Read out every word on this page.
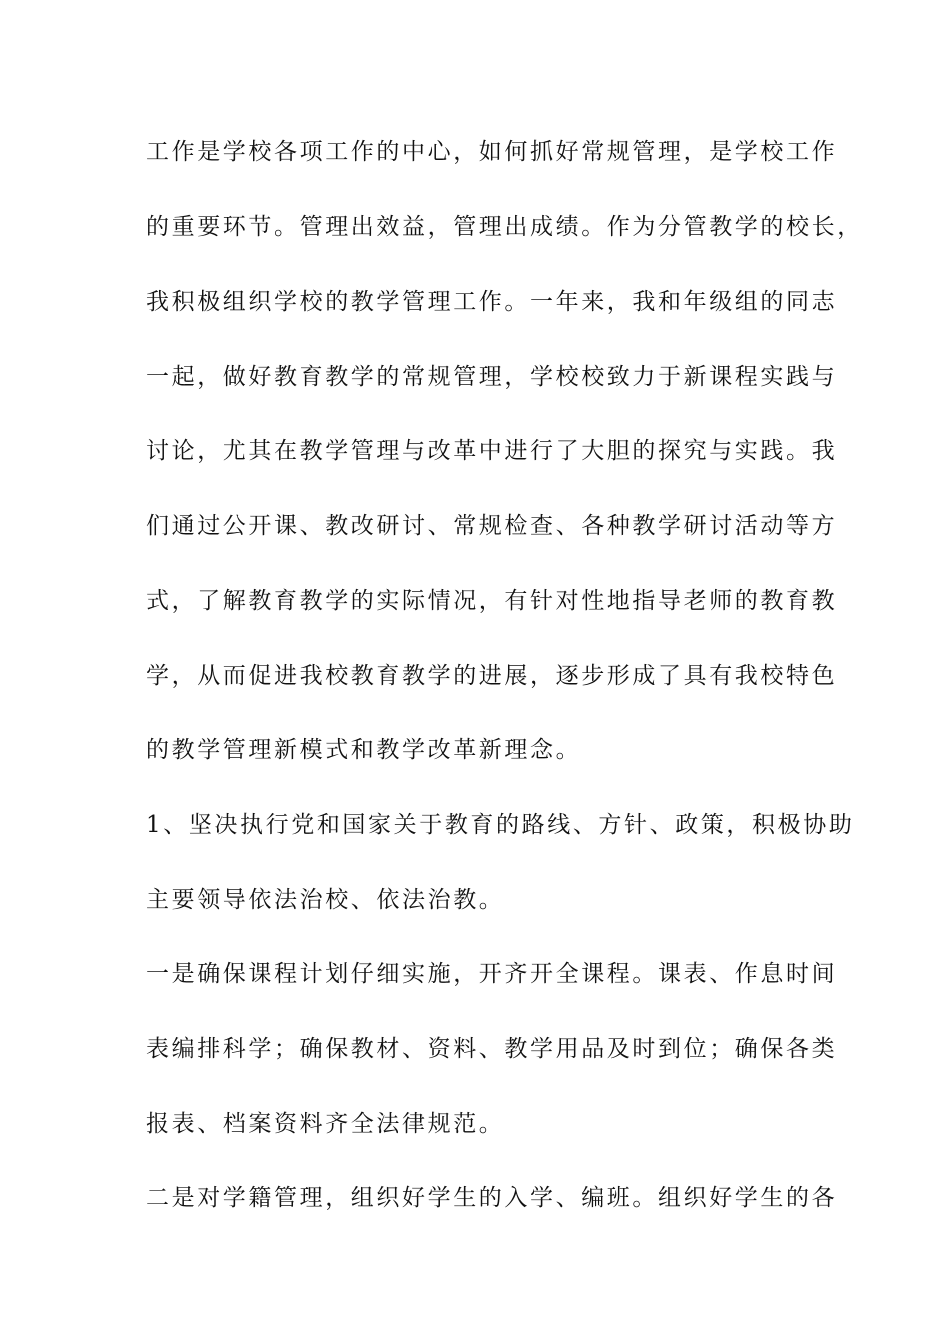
工作是学校各项工作的中心，如何抓好常规管理，是学校工作
的重要环节。管理出效益，管理出成绩。作为分管教学的校长，
我积极组织学校的教学管理工作。一年来，我和年级组的同志
一起，做好教育教学的常规管理，学校校致力于新课程实践与
讨论，尤其在教学管理与改革中进行了大胆的探究与实践。我
们通过公开课、教改研讨、常规检查、各种教学研讨活动等方
式，了解教育教学的实际情况，有针对性地指导老师的教育教
学，从而促进我校教育教学的进展，逐步形成了具有我校特色
的教学管理新模式和教学改革新理念。
1、坚决执行党和国家关于教育的路线、方针、政策，积极协助
主要领导依法治校、依法治教。
一是确保课程计划仔细实施，开齐开全课程。课表、作息时间
表编排科学；确保教材、资料、教学用品及时到位；确保各类
报表、档案资料齐全法律规范。
二是对学籍管理，组织好学生的入学、编班。组织好学生的各
